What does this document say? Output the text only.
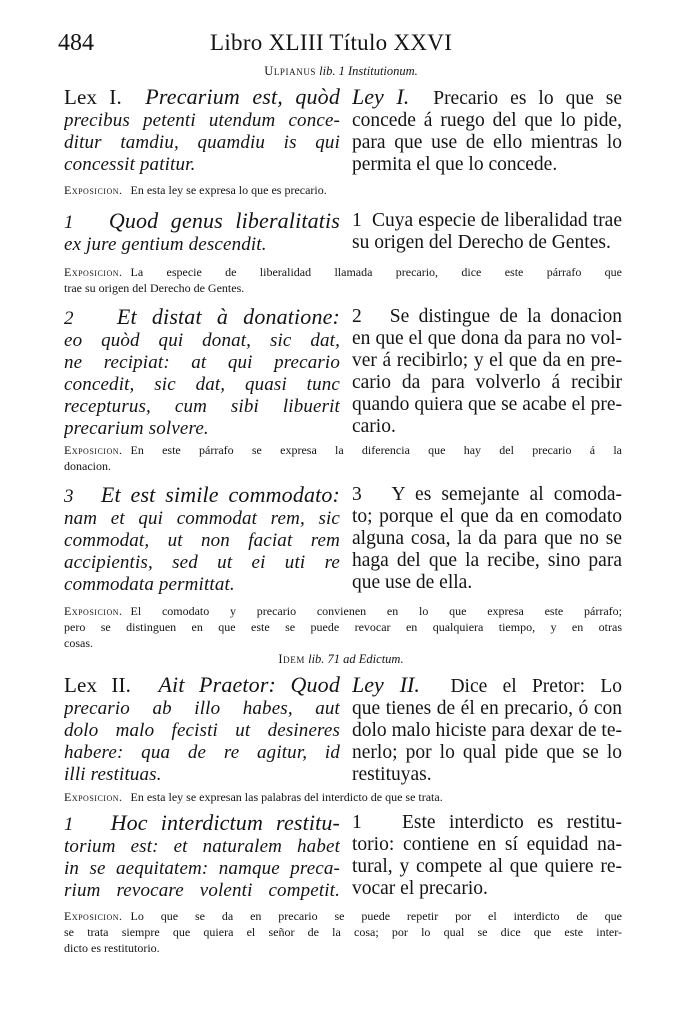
484	Libro XLIII Título XXVI
Ulpianus lib. 1 Institutionum.
Lex I. Precarium est, quòd
precibus petenti utendum conce-
ditur tamdiu, quamdiu is qui
concessit patitur.
Ley I. Precario es lo que se
concede á ruego del que lo pide,
para que use de ello mientras lo
permita el que lo concede.
Exposicion. En esta ley se expresa lo que es precario.
1 Quod genus liberalitatis
ex jure gentium descendit.
1 Cuya especie de liberalidad trae
su origen del Derecho de Gentes.
Exposicion. La especie de liberalidad llamada precario, dice este párrafo que
trae su origen del Derecho de Gentes.
2 Et distat à donatione:
eo quòd qui donat, sic dat,
ne recipiat: at qui precario
concedit, sic dat, quasi tunc
recepturus, cum sibi libuerit
precarium solvere.
2 Se distingue de la donacion
en que el que dona da para no vol-
ver á recibirlo; y el que da en pre-
cario da para volverlo á recibir
quando quiera que se acabe el pre-
cario.
Exposicion. En este párrafo se expresa la diferencia que hay del precario á la
donacion.
3 Et est simile commodato:
nam et qui commodat rem, sic
commodat, ut non faciat rem
accipientis, sed ut ei uti re
commodata permittat.
3 Y es semejante al comoda-
to; porque el que da en comodato
alguna cosa, la da para que no se
haga del que la recibe, sino para
que use de ella.
Exposicion. El comodato y precario convienen en lo que expresa este párrafo;
pero se distinguen en que este se puede revocar en qualquiera tiempo, y en otras
cosas.
Idem lib. 71 ad Edictum.
Lex II. Ait Praetor: Quod
precario ab illo habes, aut
dolo malo fecisti ut desineres
habere: qua de re agitur, id
illi restituas.
Ley II. Dice el Pretor: Lo
que tienes de él en precario, ó con
dolo malo hiciste para dexar de te-
nerlo; por lo qual pide que se lo
restituyas.
Exposicion. En esta ley se expresan las palabras del interdicto de que se trata.
1 Hoc interdictum restitu-
torium est: et naturalem habet
in se aequitatem: namque preca-
rium revocare volenti competit.
1 Este interdicto es restitu-
torio: contiene en sí equidad na-
tural, y compete al que quiere re-
vocar el precario.
Exposicion. Lo que se da en precario se puede repetir por el interdicto de que
se trata siempre que quiera el señor de la cosa; por lo qual se dice que este inter-
dicto es restitutorio.
